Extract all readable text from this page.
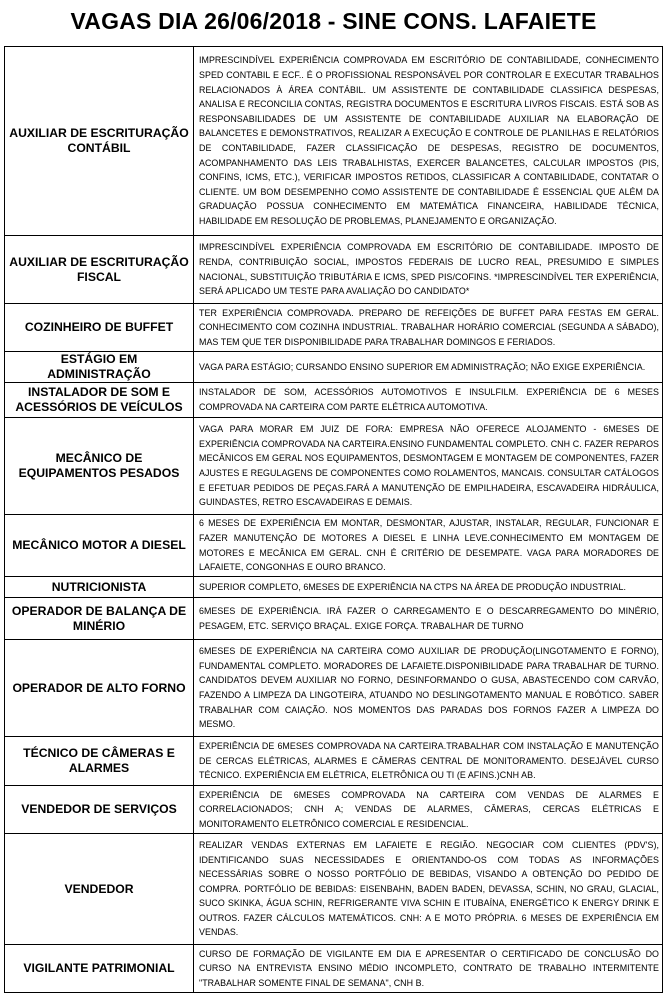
VAGAS DIA 26/06/2018 - SINE CONS. LAFAIETE
AUXILIAR DE ESCRITURAÇÃO CONTÁBIL	IMPRESCINDÍVEL EXPERIÊNCIA COMPROVADA EM ESCRITÓRIO DE CONTABILIDADE, CONHECIMENTO SPED CONTABIL E ECF.. É O PROFISSIONAL RESPONSÁVEL POR CONTROLAR E EXECUTAR TRABALHOS RELACIONADOS À ÁREA CONTÁBIL. UM ASSISTENTE DE CONTABILIDADE CLASSIFICA DESPESAS, ANALISA E RECONCILIA CONTAS, REGISTRA DOCUMENTOS E ESCRITURA LIVROS FISCAIS. ESTÁ SOB AS RESPONSABILIDADES DE UM ASSISTENTE DE CONTABILIDADE AUXILIAR NA ELABORAÇÃO DE BALANCETES E DEMONSTRATIVOS, REALIZAR A EXECUÇÃO E CONTROLE DE PLANILHAS E RELATÓRIOS DE CONTABILIDADE, FAZER CLASSIFICAÇÃO DE DESPESAS, REGISTRO DE DOCUMENTOS, ACOMPANHAMENTO DAS LEIS TRABALHISTAS, EXERCER BALANCETES, CALCULAR IMPOSTOS (PIS, CONFINS, ICMS, ETC.), VERIFICAR IMPOSTOS RETIDOS, CLASSIFICAR A CONTABILIDADE, CONTATAR O CLIENTE. UM BOM DESEMPENHO COMO ASSISTENTE DE CONTABILIDADE É ESSENCIAL QUE ALÉM DA GRADUAÇÃO POSSUA CONHECIMENTO EM MATEMÁTICA FINANCEIRA, HABILIDADE TÉCNICA, HABILIDADE EM RESOLUÇÃO DE PROBLEMAS, PLANEJAMENTO E ORGANIZAÇÃO.
AUXILIAR DE ESCRITURAÇÃO FISCAL	IMPRESCINDÍVEL EXPERIÊNCIA COMPROVADA EM ESCRITÓRIO DE CONTABILIDADE. IMPOSTO DE RENDA, CONTRIBUIÇÃO SOCIAL, IMPOSTOS FEDERAIS DE LUCRO REAL, PRESUMIDO E SIMPLES NACIONAL, SUBSTITUIÇÃO TRIBUTÁRIA E ICMS, SPED PIS/COFINS. *IMPRESCINDÍVEL TER EXPERIÊNCIA, SERÁ APLICADO UM TESTE PARA AVALIAÇÃO DO CANDIDATO*
COZINHEIRO DE BUFFET	TER EXPERIÊNCIA COMPROVADA. PREPARO DE REFEIÇÕES DE BUFFET PARA FESTAS EM GERAL. CONHECIMENTO COM COZINHA INDUSTRIAL. TRABALHAR HORÁRIO COMERCIAL (SEGUNDA A SÁBADO), MAS TEM QUE TER DISPONIBILIDADE PARA TRABALHAR DOMINGOS E FERIADOS.
ESTÁGIO EM ADMINISTRAÇÃO	VAGA PARA ESTÁGIO; CURSANDO ENSINO SUPERIOR EM ADMINISTRAÇÃO; NÃO EXIGE EXPERIÊNCIA.
INSTALADOR DE SOM E ACESSÓRIOS DE VEÍCULOS	INSTALADOR DE SOM, ACESSÓRIOS AUTOMOTIVOS E INSULFILM. EXPERIÊNCIA DE 6 MESES COMPROVADA NA CARTEIRA COM PARTE ELÉTRICA AUTOMOTIVA.
MECÂNICO DE EQUIPAMENTOS PESADOS	VAGA PARA MORAR EM JUIZ DE FORA: EMPRESA NÃO OFERECE ALOJAMENTO - 6MESES DE EXPERIÊNCIA COMPROVADA NA CARTEIRA.ENSINO FUNDAMENTAL COMPLETO. CNH C. FAZER REPAROS MECÂNICOS EM GERAL NOS EQUIPAMENTOS, DESMONTAGEM E MONTAGEM DE COMPONENTES, FAZER AJUSTES E REGULAGENS DE COMPONENTES COMO ROLAMENTOS, MANCAIS. CONSULTAR CATÁLOGOS E EFETUAR PEDIDOS DE PEÇAS.FARÁ A MANUTENÇÃO DE EMPILHADEIRA, ESCAVADEIRA HIDRÁULICA, GUINDASTES, RETRO ESCAVADEIRAS E DEMAIS.
MECÂNICO MOTOR A DIESEL	6 MESES DE EXPERIÊNCIA EM MONTAR, DESMONTAR, AJUSTAR, INSTALAR, REGULAR, FUNCIONAR E FAZER MANUTENÇÃO DE MOTORES A DIESEL E LINHA LEVE.CONHECIMENTO EM MONTAGEM DE MOTORES E MECÂNICA EM GERAL. CNH É CRITÉRIO DE DESEMPATE. VAGA PARA MORADORES DE LAFAIETE, CONGONHAS E OURO BRANCO.
NUTRICIONISTA	SUPERIOR COMPLETO, 6MESES DE EXPERIÊNCIA NA CTPS NA ÁREA DE PRODUÇÃO INDUSTRIAL.
OPERADOR DE BALANÇA DE MINÉRIO	6MESES DE EXPERIÊNCIA. IRÁ FAZER O CARREGAMENTO E O DESCARREGAMENTO DO MINÉRIO, PESAGEM, ETC. SERVIÇO BRAÇAL. EXIGE FORÇA. TRABALHAR DE TURNO
OPERADOR DE ALTO FORNO	6MESES DE EXPERIÊNCIA NA CARTEIRA COMO AUXILIAR DE PRODUÇÃO(LINGOTAMENTO E FORNO), FUNDAMENTAL COMPLETO. MORADORES DE LAFAIETE.DISPONIBILIDADE PARA TRABALHAR DE TURNO. CANDIDATOS DEVEM AUXILIAR NO FORNO, DESINFORMANDO O GUSA, ABASTECENDO COM CARVÃO, FAZENDO A LIMPEZA DA LINGOTEIRA, ATUANDO NO DESLINGOTAMENTO MANUAL E ROBÓTICO. SABER TRABALHAR COM CAIAÇÃO. NOS MOMENTOS DAS PARADAS DOS FORNOS FAZER A LIMPEZA DO MESMO.
TÉCNICO DE CÂMERAS E ALARMES	EXPERIÊNCIA DE 6MESES COMPROVADA NA CARTEIRA.TRABALHAR COM INSTALAÇÃO E MANUTENÇÃO DE CERCAS ELÉTRICAS, ALARMES E CÂMERAS CENTRAL DE MONITORAMENTO. DESEJÁVEL CURSO TÉCNICO. EXPERIÊNCIA EM ELÉTRICA, ELETRÔNICA OU TI (E AFINS.)CNH AB.
VENDEDOR DE SERVIÇOS	EXPERIÊNCIA DE 6MESES COMPROVADA NA CARTEIRA COM VENDAS DE ALARMES E CORRELACIONADOS; CNH A; VENDAS DE ALARMES, CÂMERAS, CERCAS ELÉTRICAS E MONITORAMENTO ELETRÔNICO COMERCIAL E RESIDENCIAL.
VENDEDOR	REALIZAR VENDAS EXTERNAS EM LAFAIETE E REGIÃO. NEGOCIAR COM CLIENTES (PDV'S), IDENTIFICANDO SUAS NECESSIDADES E ORIENTANDO-OS COM TODAS AS INFORMAÇÕES NECESSÁRIAS SOBRE O NOSSO PORTFÓLIO DE BEBIDAS, VISANDO A OBTENÇÃO DO PEDIDO DE COMPRA. PORTFÓLIO DE BEBIDAS: EISENBAHN, BADEN BADEN, DEVASSA, SCHIN, NO GRAU, GLACIAL, SUCO SKINKA, ÁGUA SCHIN, REFRIGERANTE VIVA SCHIN E ITUBAÍNA, ENERGÉTICO K ENERGY DRINK E OUTROS. FAZER CÁLCULOS MATEMÁTICOS. CNH: A E MOTO PRÓPRIA. 6 MESES DE EXPERIÊNCIA EM VENDAS.
VIGILANTE PATRIMONIAL	CURSO DE FORMAÇÃO DE VIGILANTE EM DIA E APRESENTAR O CERTIFICADO DE CONCLUSÃO DO CURSO NA ENTREVISTA ENSINO MÉDIO INCOMPLETO, CONTRATO DE TRABALHO INTERMITENTE "TRABALHAR SOMENTE FINAL DE SEMANA", CNH B.
